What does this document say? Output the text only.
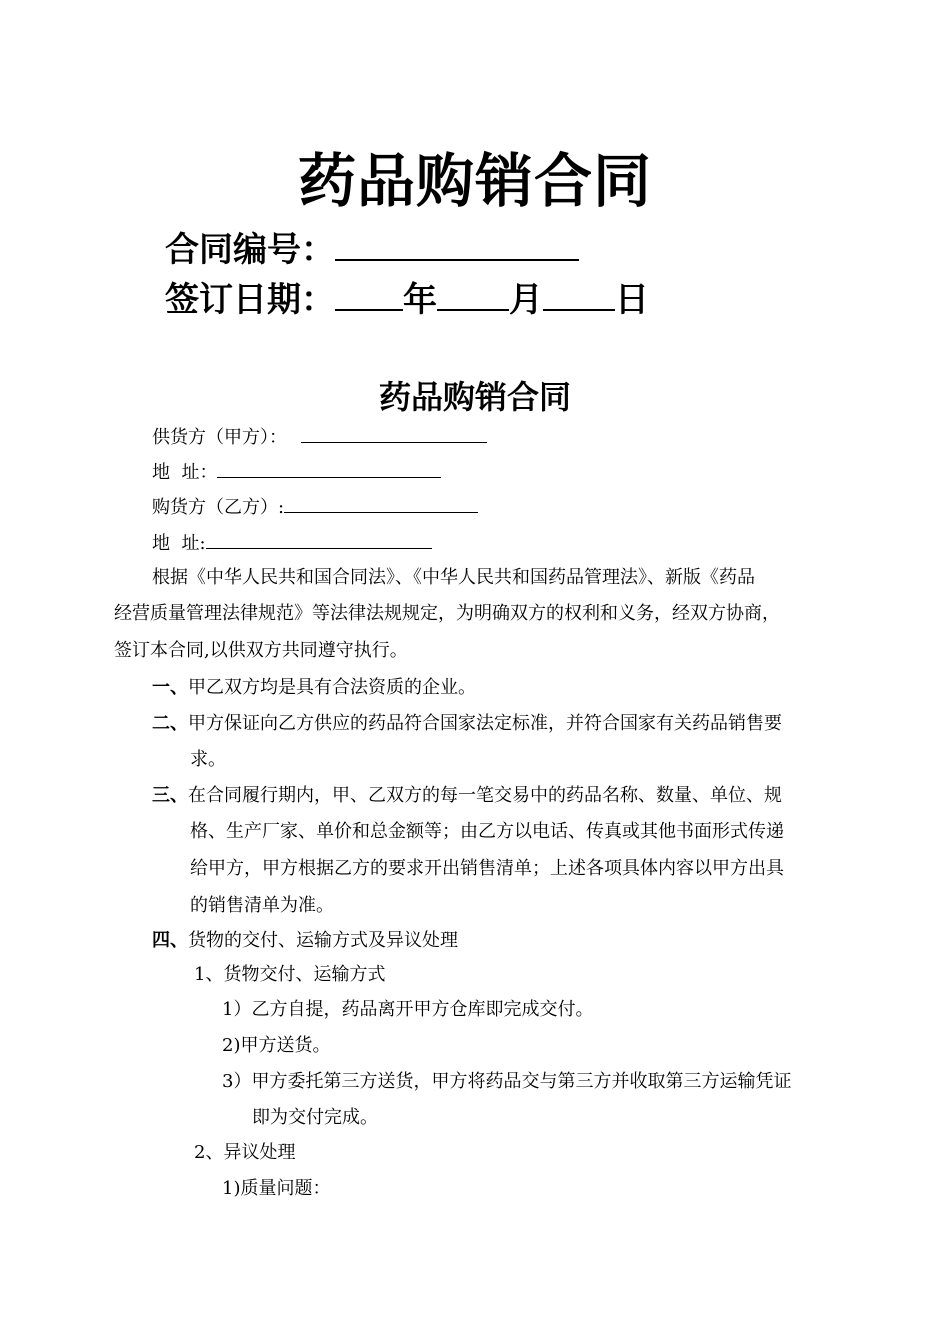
药品购销合同
合同编号：
签订日期： 年 月 日
药品购销合同
供货方（甲方）：
地  址：
购货方（乙方）:
地  址:
根据《中华人民共和国合同法》、《中华人民共和国药品管理法》、新版《药品
经营质量管理法律规范》等法律法规规定，为明确双方的权利和义务，经双方协商，
签订本合同,以供双方共同遵守执行。
一、甲乙双方均是具有合法资质的企业。
二、甲方保证向乙方供应的药品符合国家法定标准，并符合国家有关药品销售要
求。
三、在合同履行期内，甲、乙双方的每一笔交易中的药品名称、数量、单位、规
格、生产厂家、单价和总金额等；由乙方以电话、传真或其他书面形式传递
给甲方，甲方根据乙方的要求开出销售清单；上述各项具体内容以甲方出具
的销售清单为准。
四、货物的交付、运输方式及异议处理
1、货物交付、运输方式
1）乙方自提，药品离开甲方仓库即完成交付。
2)甲方送货。
3）甲方委托第三方送货，甲方将药品交与第三方并收取第三方运输凭证
即为交付完成。
2、异议处理
1)质量问题：
